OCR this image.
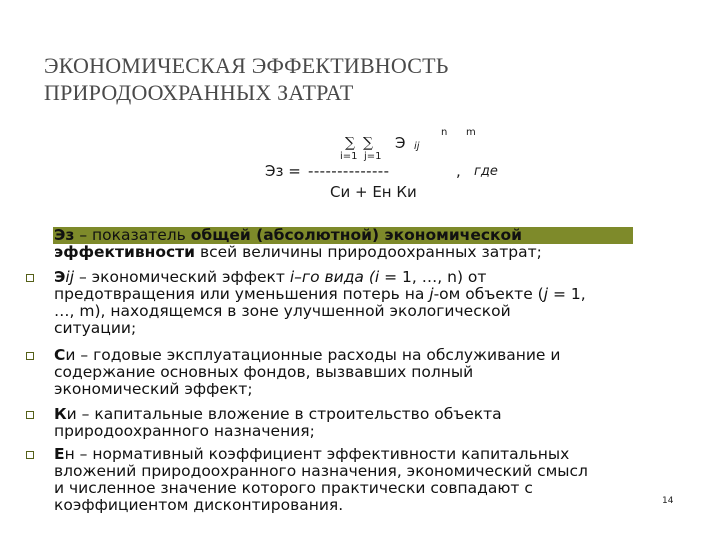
ЭКОНОМИЧЕСКАЯ ЭФФЕКТИВНОСТЬ
ПРИРОДООХРАННЫХ ЗАТРАТ
n m
∑ ∑ Э ij
i=1 j=1
Эз = --------------	, где
Си + Ен Ки
Эз – показатель общей (абсолютной) экономической
эффективности всей величины природоохранных затрат;
Эij – экономический эффект i–го вида (i = 1, …, n) от
предотвращения или уменьшения потерь на j-ом объекте (j = 1,
…, m), находящемся в зоне улучшенной экологической
ситуации;
Си – годовые эксплуатационные расходы на обслуживание и
содержание основных фондов, вызвавших полный
экономический эффект;
Ки – капитальные вложение в строительство объекта
природоохранного назначения;
Ен – нормативный коэффициент эффективности капитальных
вложений природоохранного назначения, экономический смысл
и численное значение которого практически совпадают с
коэффициентом дисконтирования.	14
